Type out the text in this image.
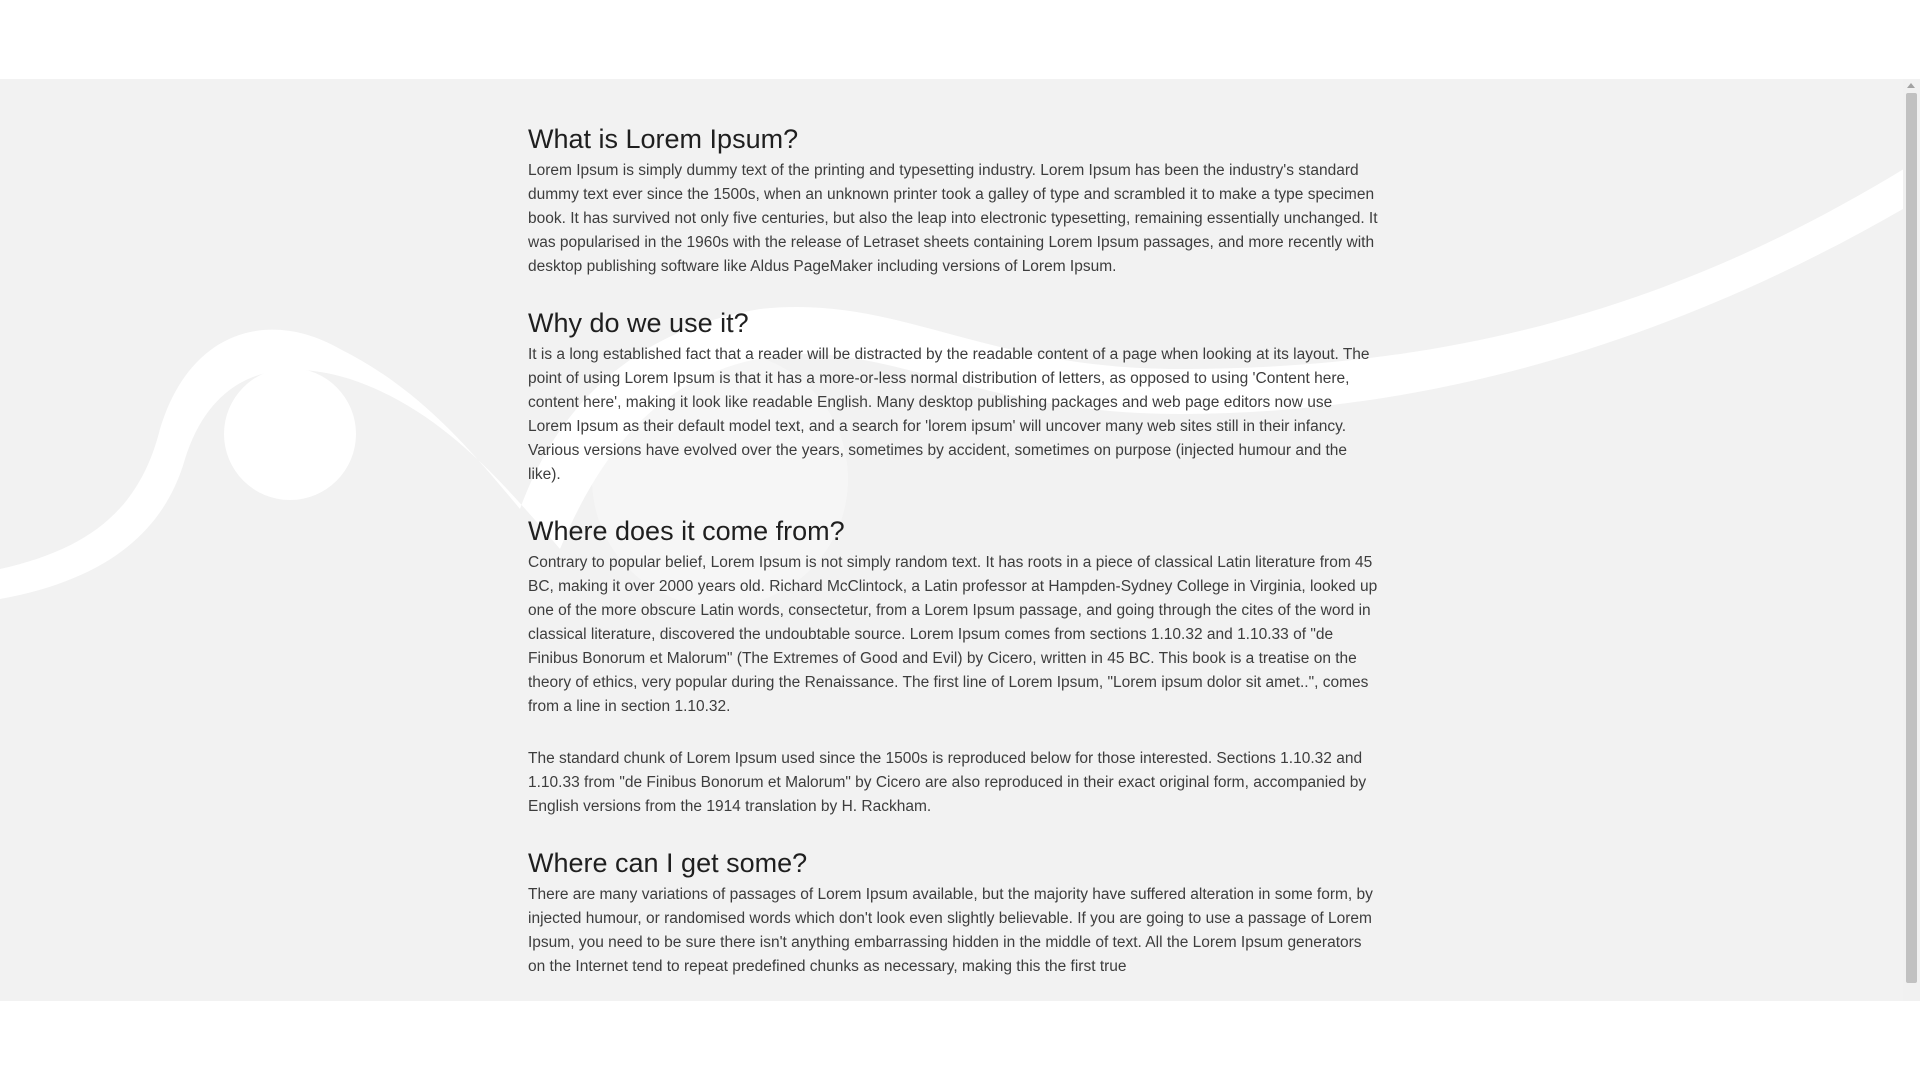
What is Lorem Ipsum?

Lorem Ipsum is simply dummy text of the printing and typesetting industry. Lorem Ipsum has been the industry's standard dummy text ever since the 1500s, when an unknown printer took a galley of type and scrambled it to make a type specimen book. It has survived not only five centuries, but also the leap into electronic typesetting, remaining essentially unchanged. It was popularised in the 1960s with the release of Letraset sheets containing Lorem Ipsum passages, and more recently with desktop publishing software like Aldus PageMaker including versions of Lorem Ipsum.

Why do we use it?

It is a long established fact that a reader will be distracted by the readable content of a page when looking at its layout. The point of using Lorem Ipsum is that it has a more-or-less normal distribution of letters, as opposed to using 'Content here, content here', making it look like readable English. Many desktop publishing packages and web page editors now use Lorem Ipsum as their default model text, and a search for 'lorem ipsum' will uncover many web sites still in their infancy. Various versions have evolved over the years, sometimes by accident, sometimes on purpose (injected humour and the like).

Where does it come from?

Contrary to popular belief, Lorem Ipsum is not simply random text. It has roots in a piece of classical Latin literature from 45 BC, making it over 2000 years old. Richard McClintock, a Latin professor at Hampden-Sydney College in Virginia, looked up one of the more obscure Latin words, consectetur, from a Lorem Ipsum passage, and going through the cites of the word in classical literature, discovered the undoubtable source. Lorem Ipsum comes from sections 1.10.32 and 1.10.33 of "de Finibus Bonorum et Malorum" (The Extremes of Good and Evil) by Cicero, written in 45 BC. This book is a treatise on the theory of ethics, very popular during the Renaissance. The first line of Lorem Ipsum, "Lorem ipsum dolor sit amet..", comes from a line in section 1.10.32.

The standard chunk of Lorem Ipsum used since the 1500s is reproduced below for those interested. Sections 1.10.32 and 1.10.33 from "de Finibus Bonorum et Malorum" by Cicero are also reproduced in their exact original form, accompanied by English versions from the 1914 translation by H. Rackham.

Where can I get some?

There are many variations of passages of Lorem Ipsum available, but the majority have suffered alteration in some form, by injected humour, or randomised words which don't look even slightly believable. If you are going to use a passage of Lorem Ipsum, you need to be sure there isn't anything embarrassing hidden in the middle of text. All the Lorem Ipsum generators on the Internet tend to repeat predefined chunks as necessary, making this the first true
